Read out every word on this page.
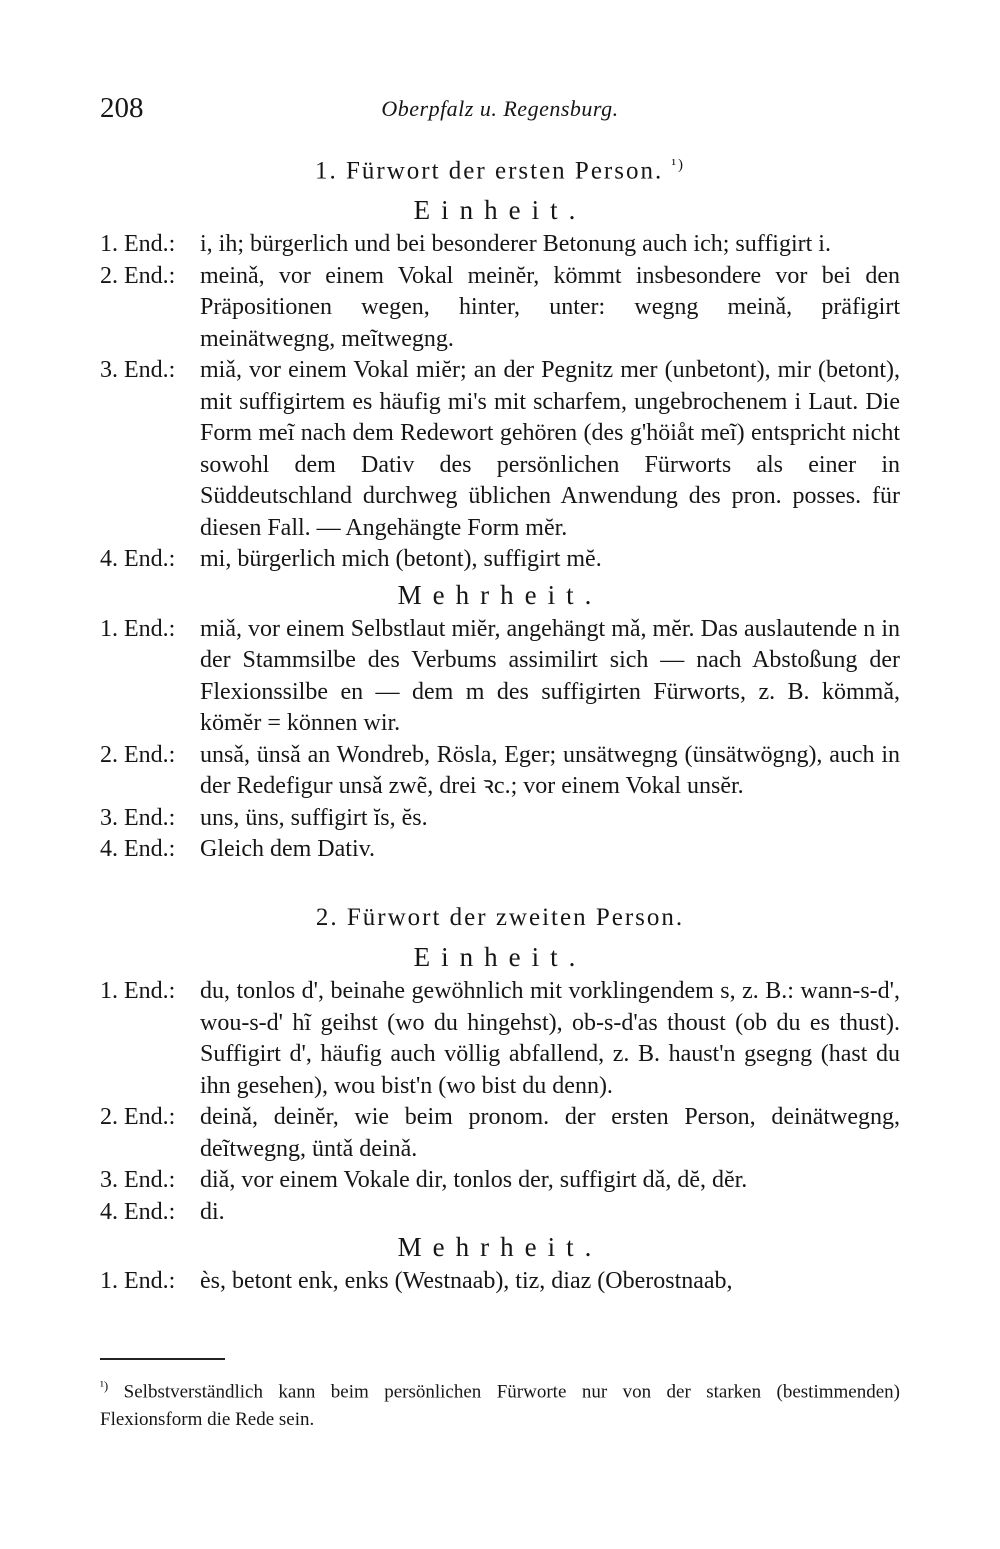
208	Oberpfalz u. Regensburg.
1. Fürwort der ersten Person. $^{^1)}$
Einheit.
1. End.:	i, ih; bürgerlich und bei besonderer Betonung auch ich; suffigirt i.
2. End.:	meinǎ, vor einem Vokal meinĕr, kömmt insbesondere vor bei den Präpositionen wegen, hinter, unter: wegng meinǎ, präfigirt meinätwegng, meĩtwegng.
3. End.:	miǎ, vor einem Vokal miĕr; an der Pegnitz mer (unbetont), mir (betont), mit suffigirtem es häufig mi's mit scharfem, ungebrochenem i Laut. Die Form meĩ nach dem Redewort gehören (des g'höiåt meĩ) entspricht nicht sowohl dem Dativ des persönlichen Fürworts als einer in Süddeutschland durchweg üblichen Anwendung des pron. posses. für diesen Fall. — Angehängte Form mĕr.
4. End.:	mi, bürgerlich mich (betont), suffigirt mĕ.
Mehrheit.
1. End.:	miǎ, vor einem Selbstlaut miĕr, angehängt mǎ, mĕr. Das auslautende n in der Stammsilbe des Verbums assimilirt sich — nach Abstoßung der Flexionssilbe en — dem m des suffigirten Fürworts, z. B. kömmǎ, kömĕr = können wir.
2. End.:	unsǎ, ünsǎ an Wondreb, Rösla, Eger; unsätwegng (ünsätwögng), auch in der Redefigur unsǎ zwẽ, drei ꝛc.; vor einem Vokal unsĕr.
3. End.:	uns, üns, suffigirt ĭs, ĕs.
4. End.:	Gleich dem Dativ.
2. Fürwort der zweiten Person.
Einheit.
1. End.:	du, tonlos d', beinahe gewöhnlich mit vorklingendem s, z. B.: wann-s-d', wou-s-d' hĩ geihst (wo du hingehst), ob-s-d'as thoust (ob du es thust). Suffigirt d', häufig auch völlig abfallend, z. B. haust'n gsegng (hast du ihn gesehen), wou bist'n (wo bist du denn).
2. End.:	deinǎ, deinĕr, wie beim pronom. der ersten Person, deinätwegng, deĩtwegng, üntǎ deinǎ.
3. End.:	diǎ, vor einem Vokale dir, tonlos der, suffigirt dǎ, dĕ, dĕr.
4. End.:	di.
Mehrheit.
1. End.:	ès, betont enk, enks (Westnaab), tiz, diaz (Oberostnaab,
$^{^1)}$ Selbstverständlich kann beim persönlichen Fürworte nur von der starken (bestimmenden) Flexionsform die Rede sein.
